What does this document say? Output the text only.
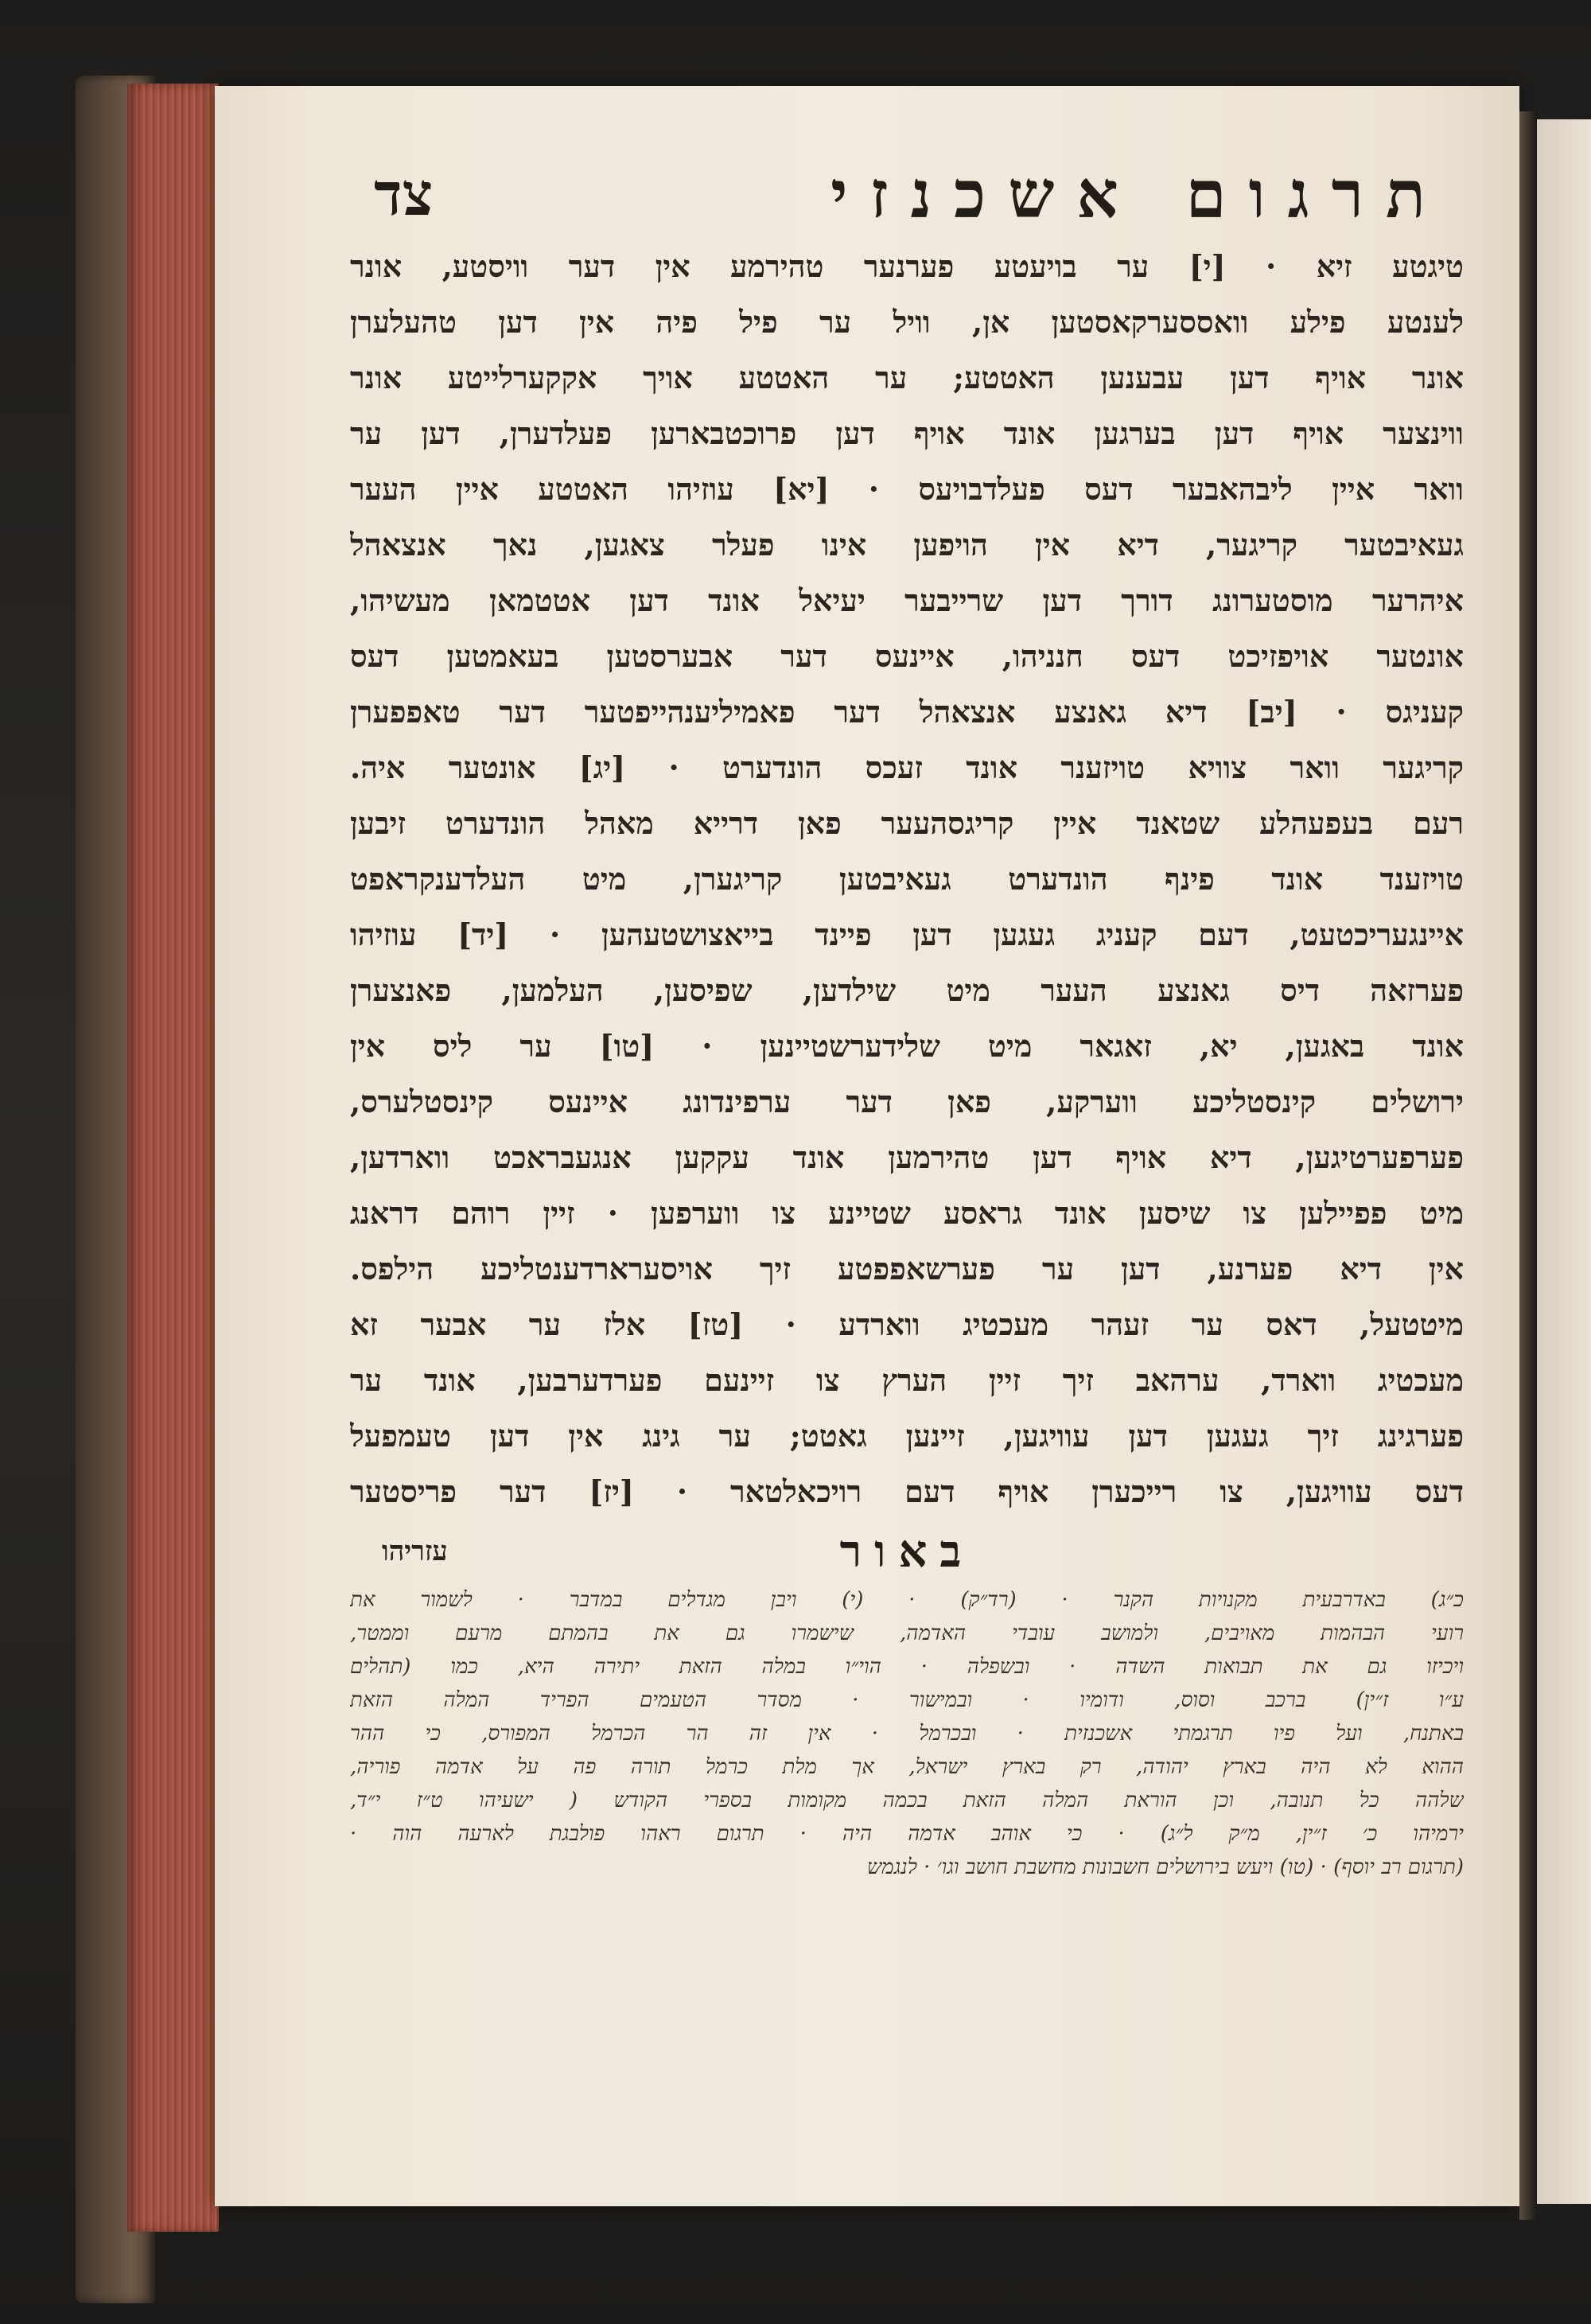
תרגום אשכנזי
צד
טיגטע זיא · [י] ער בויעטע פערנער טהירמע אין דער וויסטע, אונר
לענטע פילע וואססערקאסטען אן, וויל ער פיל פיה אין דען טהעלערן
אונר אויף דען עבענען האטטע; ער האטטע אויך אקקערלייטע אונר
ווינצער אויף דען בערגען אונד אויף דען פרוכטבארען פעלדערן, דען ער
וואר איין ליבהאבער דעס פעלדבויעס · [יא] עוזיהו האטטע איין העער
געאיבטער קריגער, דיא אין הויפען אינו פעלר צאגען, נאך אנצאהל
איהרער מוסטערונג דורך דען שרייבער יעיאל אונד דען אטטמאן מעשיהו,
אונטער אויפזיכט דעס חנניהו, איינעס דער אבערסטען בעאמטען דעס
קעניגס · [יב] דיא גאנצע אנצאהל דער פאמיליענהייפטער דער טאפפערן
קריגער וואר צוויא טויזענר אונד זעכס הונדערט · [יג] אונטער איה.
רעם בעפעהלע שטאנד איין קריגסהעער פאן דרייא מאהל הונדערט זיבען
טויזענד אונד פינף הונדערט געאיבטען קריגערן, מיט העלדענקראפט
איינגעריכטעט, דעם קעניג געגען דען פיינד בייאצושטעהען · [יד] עוזיהו
פערזאה דיס גאנצע העער מיט שילדען, שפיסען, העלמען, פאנצערן
אונד באגען, יא, זאגאר מיט שלידערשטיינען · [טו] ער ליס אין
ירושלים קינסטליכע ווערקע, פאן דער ערפינדונג איינעס קינסטלערס,
פערפערטיגען, דיא אויף דען טהירמען אונד עקקען אנגעבראכט ווארדען,
מיט פפיילען צו שיסען אונד גראסע שטיינע צו ווערפען · זיין רוהם דראנג
אין דיא פערנע, דען ער פערשאפפטע זיך אויסערארדענטליכע הילפס.
מיטטעל, דאס ער זעהר מעכטיג ווארדע · [טז] אלז ער אבער זא
מעכטיג ווארד, ערהאב זיך זיין הערץ צו זיינעם פערדערבען, אונד ער
פערגינג זיך געגען דען עוויגען, זיינען גאטט; ער גינג אין דען טעמפעל
דעס עוויגען, צו רייכערן אויף דעם רויכאלטאר · [יז] דער פריסטער
באור
עזריהו
כ״ג) באדרבעית מקנויות הקנר · (רד״ק) · (י) ויבן מגדלים במדבר · לשמור את
רועי הבהמות מאויבים, ולמושב עובדי האדמה, שישמרו גם את בהמתם מרעם וממטר,
ויכיזו גם את תבואות השדה · ובשפלה · הוי״ו במלה הזאת יתירה היא, כמו (תהלים
ע״ו ז״ין) ברכב וסוס, ודומיו · ובמישור · מסדר הטעמים הפריד המלה הזאת
באתנח, ועל פיו תרגמתי אשכנזית · ובכרמל · אין זה הר הכרמל המפורס, כי ההר
ההוא לא היה בארץ יהודה, רק בארץ ישראל, אך מלת כרמל תורה פה על אדמה פוריה,
שלהה כל תנובה, וכן הוראת המלה הזאת בכמה מקומות בספרי הקודש ( ישעיהו ט״ז י״ד,
ירמיהו כ׳ ז״ין, מ״ק ל״ג) · כי אוהב אדמה היה · תרגום ראהו פולבגת לארעה הוה ·
(תרגום רב יוסף) · (טו) ויעש בירושלים חשבונות מחשבת חושב וגו׳ · לנגמש
